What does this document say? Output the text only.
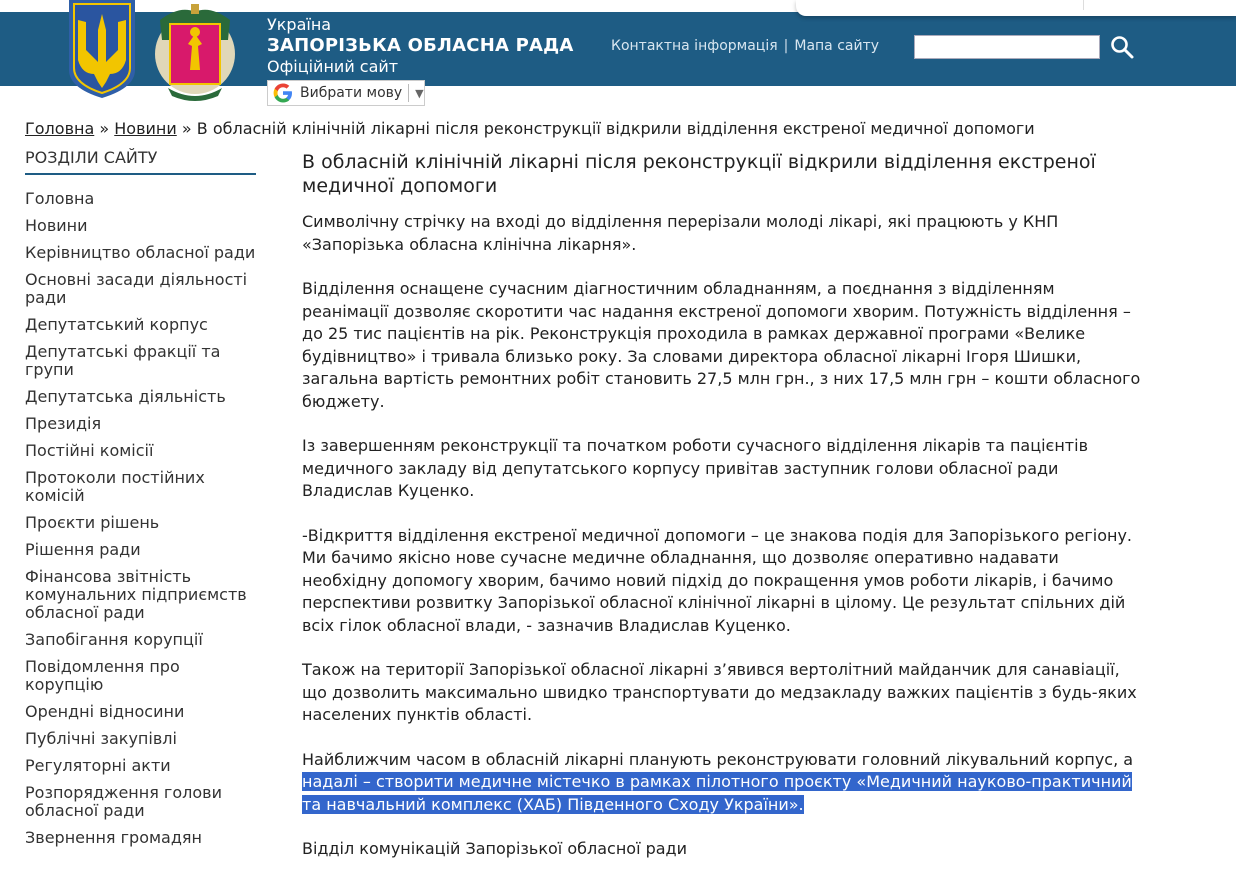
Україна
ЗАПОРІЗЬКА ОБЛАСНА РАДА
Офіційний сайт
Контактна інформація | Мапа сайту
Вибрати мову ▼
Головна » Новини » В обласній клінічній лікарні після реконструкції відкрили відділення екстреної медичної допомоги
РОЗДІЛИ САЙТУ
Головна
Новини
Керівництво обласної ради
Основні засади діяльності ради
Депутатський корпус
Депутатські фракції та групи
Депутатська діяльність
Президія
Постійні комісії
Протоколи постійних комісій
Проєкти рішень
Рішення ради
Фінансова звітність комунальних підприємств обласної ради
Запобігання корупції
Повідомлення про корупцію
Орендні відносини
Публічні закупівлі
Регуляторні акти
Розпорядження голови обласної ради
Звернення громадян
В обласній клінічній лікарні після реконструкції відкрили відділення екстреної медичної допомоги

Символічну стрічку на вході до відділення перерізали молоді лікарі, які працюють у КНП «Запорізька обласна клінічна лікарня».

Відділення оснащене сучасним діагностичним обладнанням, а поєднання з відділенням реанімації дозволяє скоротити час надання екстреної допомоги хворим. Потужність відділення – до 25 тис пацієнтів на рік. Реконструкція проходила в рамках державної програми «Велике будівництво» і тривала близько року. За словами директора обласної лікарні Ігоря Шишки, загальна вартість ремонтних робіт становить 27,5 млн грн., з них 17,5 млн грн – кошти обласного бюджету.

Із завершенням реконструкції та початком роботи сучасного відділення лікарів та пацієнтів медичного закладу від депутатського корпусу привітав заступник голови обласної ради Владислав Куценко.

-Відкриття відділення екстреної медичної допомоги – це знакова подія для Запорізького регіону. Ми бачимо якісно нове сучасне медичне обладнання, що дозволяє оперативно надавати необхідну допомогу хворим, бачимо новий підхід до покращення умов роботи лікарів, і бачимо перспективи розвитку Запорізької обласної клінічної лікарні в цілому. Це результат спільних дій всіх гілок обласної влади, - зазначив Владислав Куценко.

Також на території Запорізької обласної лікарні з’явився вертолітний майданчик для санавіації, що дозволить максимально швидко транспортувати до медзакладу важких пацієнтів з будь-яких населених пунктів області.

Найближчим часом в обласній лікарні планують реконструювати головний лікувальний корпус, а надалі – створити медичне містечко в рамках пілотного проєкту «Медичний науково-практичний та навчальний комплекс (ХАБ) Південного Сходу України».

Відділ комунікацій Запорізької обласної ради
